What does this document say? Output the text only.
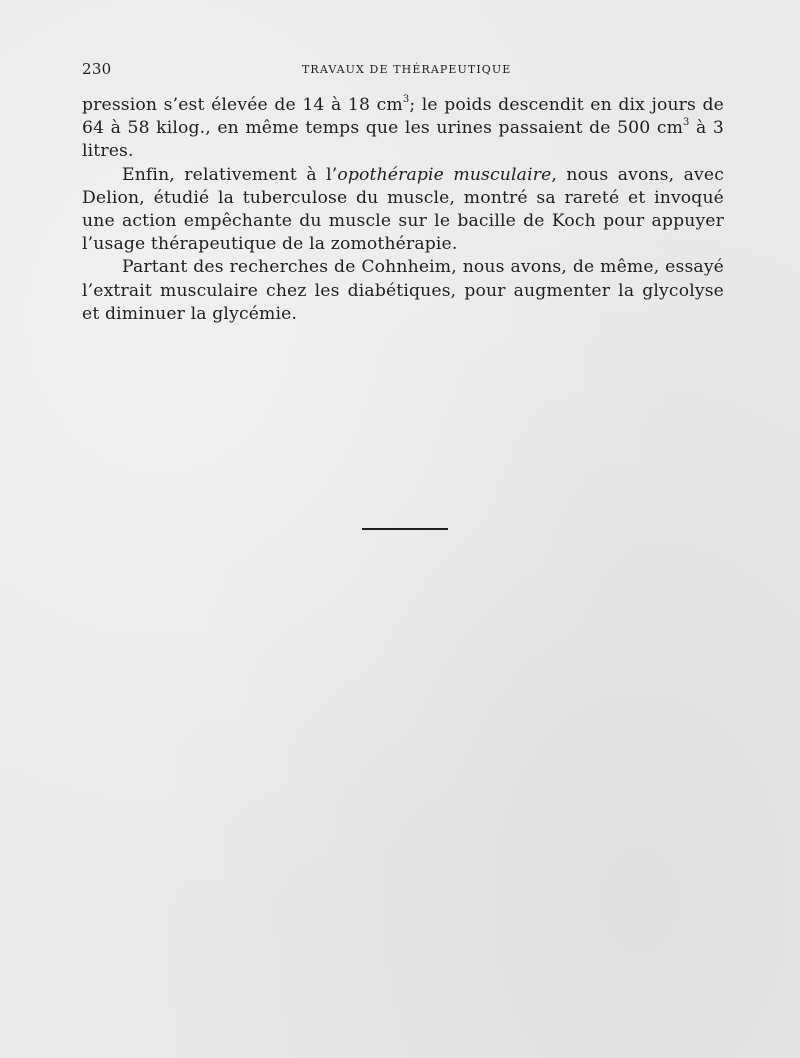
230	TRAVAUX DE THÉRAPEUTIQUE

pression s’est élevée de 14 à 18 $cm^3$; le poids descendit en dix jours de 64 à 58 kilog., en même temps que les urines passaient de 500 $cm^3$ à 3 litres.

Enfin, relativement à l’opothérapie musculaire, nous avons, avec Delion, étudié la tuberculose du muscle, montré sa rareté et invoqué une action empêchante du muscle sur le bacille de Koch pour appuyer l’usage thérapeutique de la zomothérapie.

Partant des recherches de Cohnheim, nous avons, de même, essayé l’extrait musculaire chez les diabétiques, pour augmenter la glycolyse et diminuer la glycémie.
